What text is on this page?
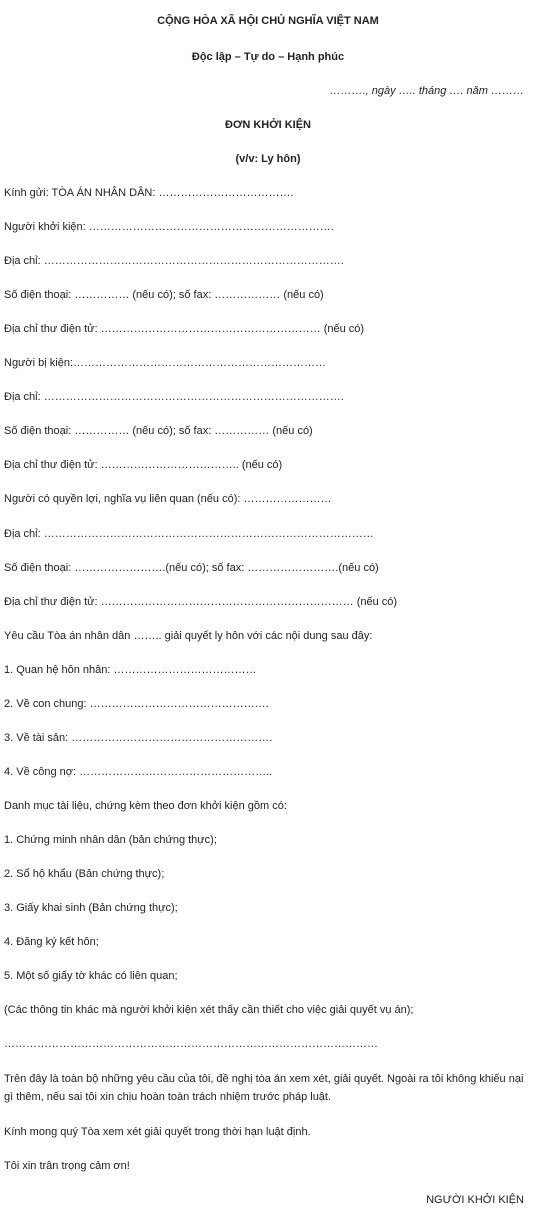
CỘNG HÒA XÃ HỘI CHỦ NGHĨA VIỆT NAM
Độc lập – Tự do – Hạnh phúc
………., ngày ….. tháng …. năm ………
ĐƠN KHỞI KIỆN
(v/v: Ly hôn)
Kính gửi: TÒA ÁN NHÂN DÂN: ……………………………….
Người khởi kiện: ………………………………………………………….
Địa chỉ: ……………………………………………………………………….
Số điện thoại: …………… (nếu có); số fax: ……………… (nếu có)
Địa chỉ thư điện tử: …………………………………………………… (nếu có)
Người bị kiện:……………………………………………………………
Địa chỉ: ……………………………………………………………………….
Số điện thoại: …………… (nếu có); số fax: …………… (nếu có)
Địa chỉ thư điện tử: ……………………………….. (nếu có)
Người có quyền lợi, nghĩa vụ liên quan (nếu có): ……………………
Địa chỉ: ………………………………………………………………………………
Số điện thoại: …………………….(nếu có); số fax: …………………….(nếu có)
Địa chỉ thư điện tử: …………………………………………………………… (nếu có)
Yêu cầu Tòa án nhân dân …….. giải quyết ly hôn với các nội dung sau đây:
1. Quan hệ hôn nhân: …………………………………
2. Về con chung: ………………………………………….
3. Về tài sản: ……………………………………………….
4. Về công nợ: ……………………………………………..
Danh mục tài liệu, chứng kèm theo đơn khởi kiện gồm có:
1. Chứng minh nhân dân (bản chứng thực);
2. Sổ hộ khẩu (Bản chứng thực);
3. Giấy khai sinh (Bản chứng thực);
4. Đăng ký kết hôn;
5. Một số giấy tờ khác có liên quan;
(Các thông tin khác mà người khởi kiện xét thấy cần thiết cho việc giải quyết vụ án);
…………………………………………………………………………………………
Trên đây là toàn bộ những yêu cầu của tôi, đề nghị tòa án xem xét, giải quyết. Ngoài ra tôi không khiếu nại gì thêm, nếu sai tôi xin chịu hoàn toàn trách nhiệm trước pháp luật.
Kính mong quý Tòa xem xét giải quyết trong thời hạn luật định.
Tôi xin trân trọng cảm ơn!
NGƯỜI KHỞI KIỆN
